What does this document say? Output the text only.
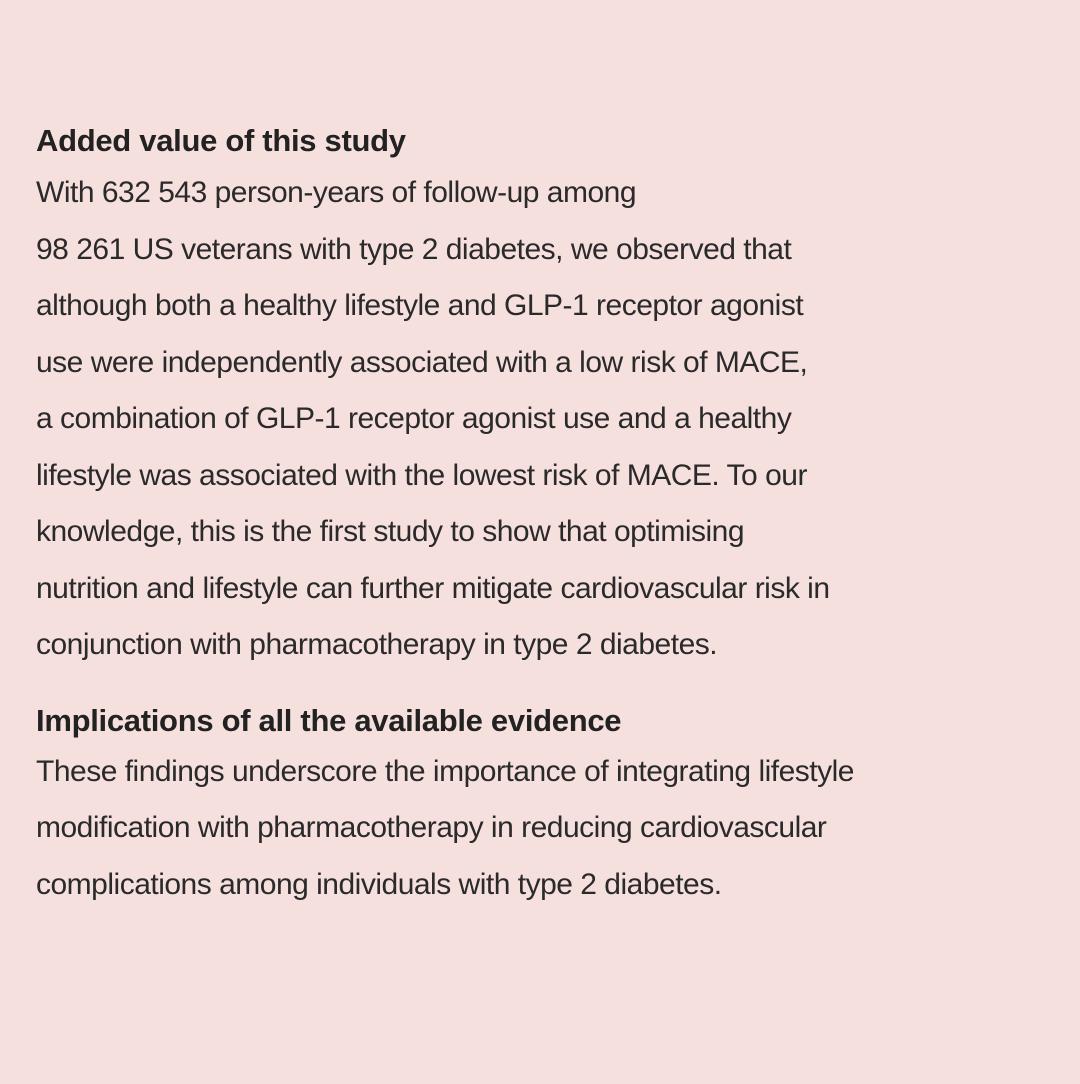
Added value of this study
With 632 543 person-years of follow-up among
98 261 US veterans with type 2 diabetes, we observed that
although both a healthy lifestyle and GLP-1 receptor agonist
use were independently associated with a low risk of MACE,
a combination of GLP-1 receptor agonist use and a healthy
lifestyle was associated with the lowest risk of MACE. To our
knowledge, this is the first study to show that optimising
nutrition and lifestyle can further mitigate cardiovascular risk in
conjunction with pharmacotherapy in type 2 diabetes.
Implications of all the available evidence
These findings underscore the importance of integrating lifestyle
modification with pharmacotherapy in reducing cardiovascular
complications among individuals with type 2 diabetes.
